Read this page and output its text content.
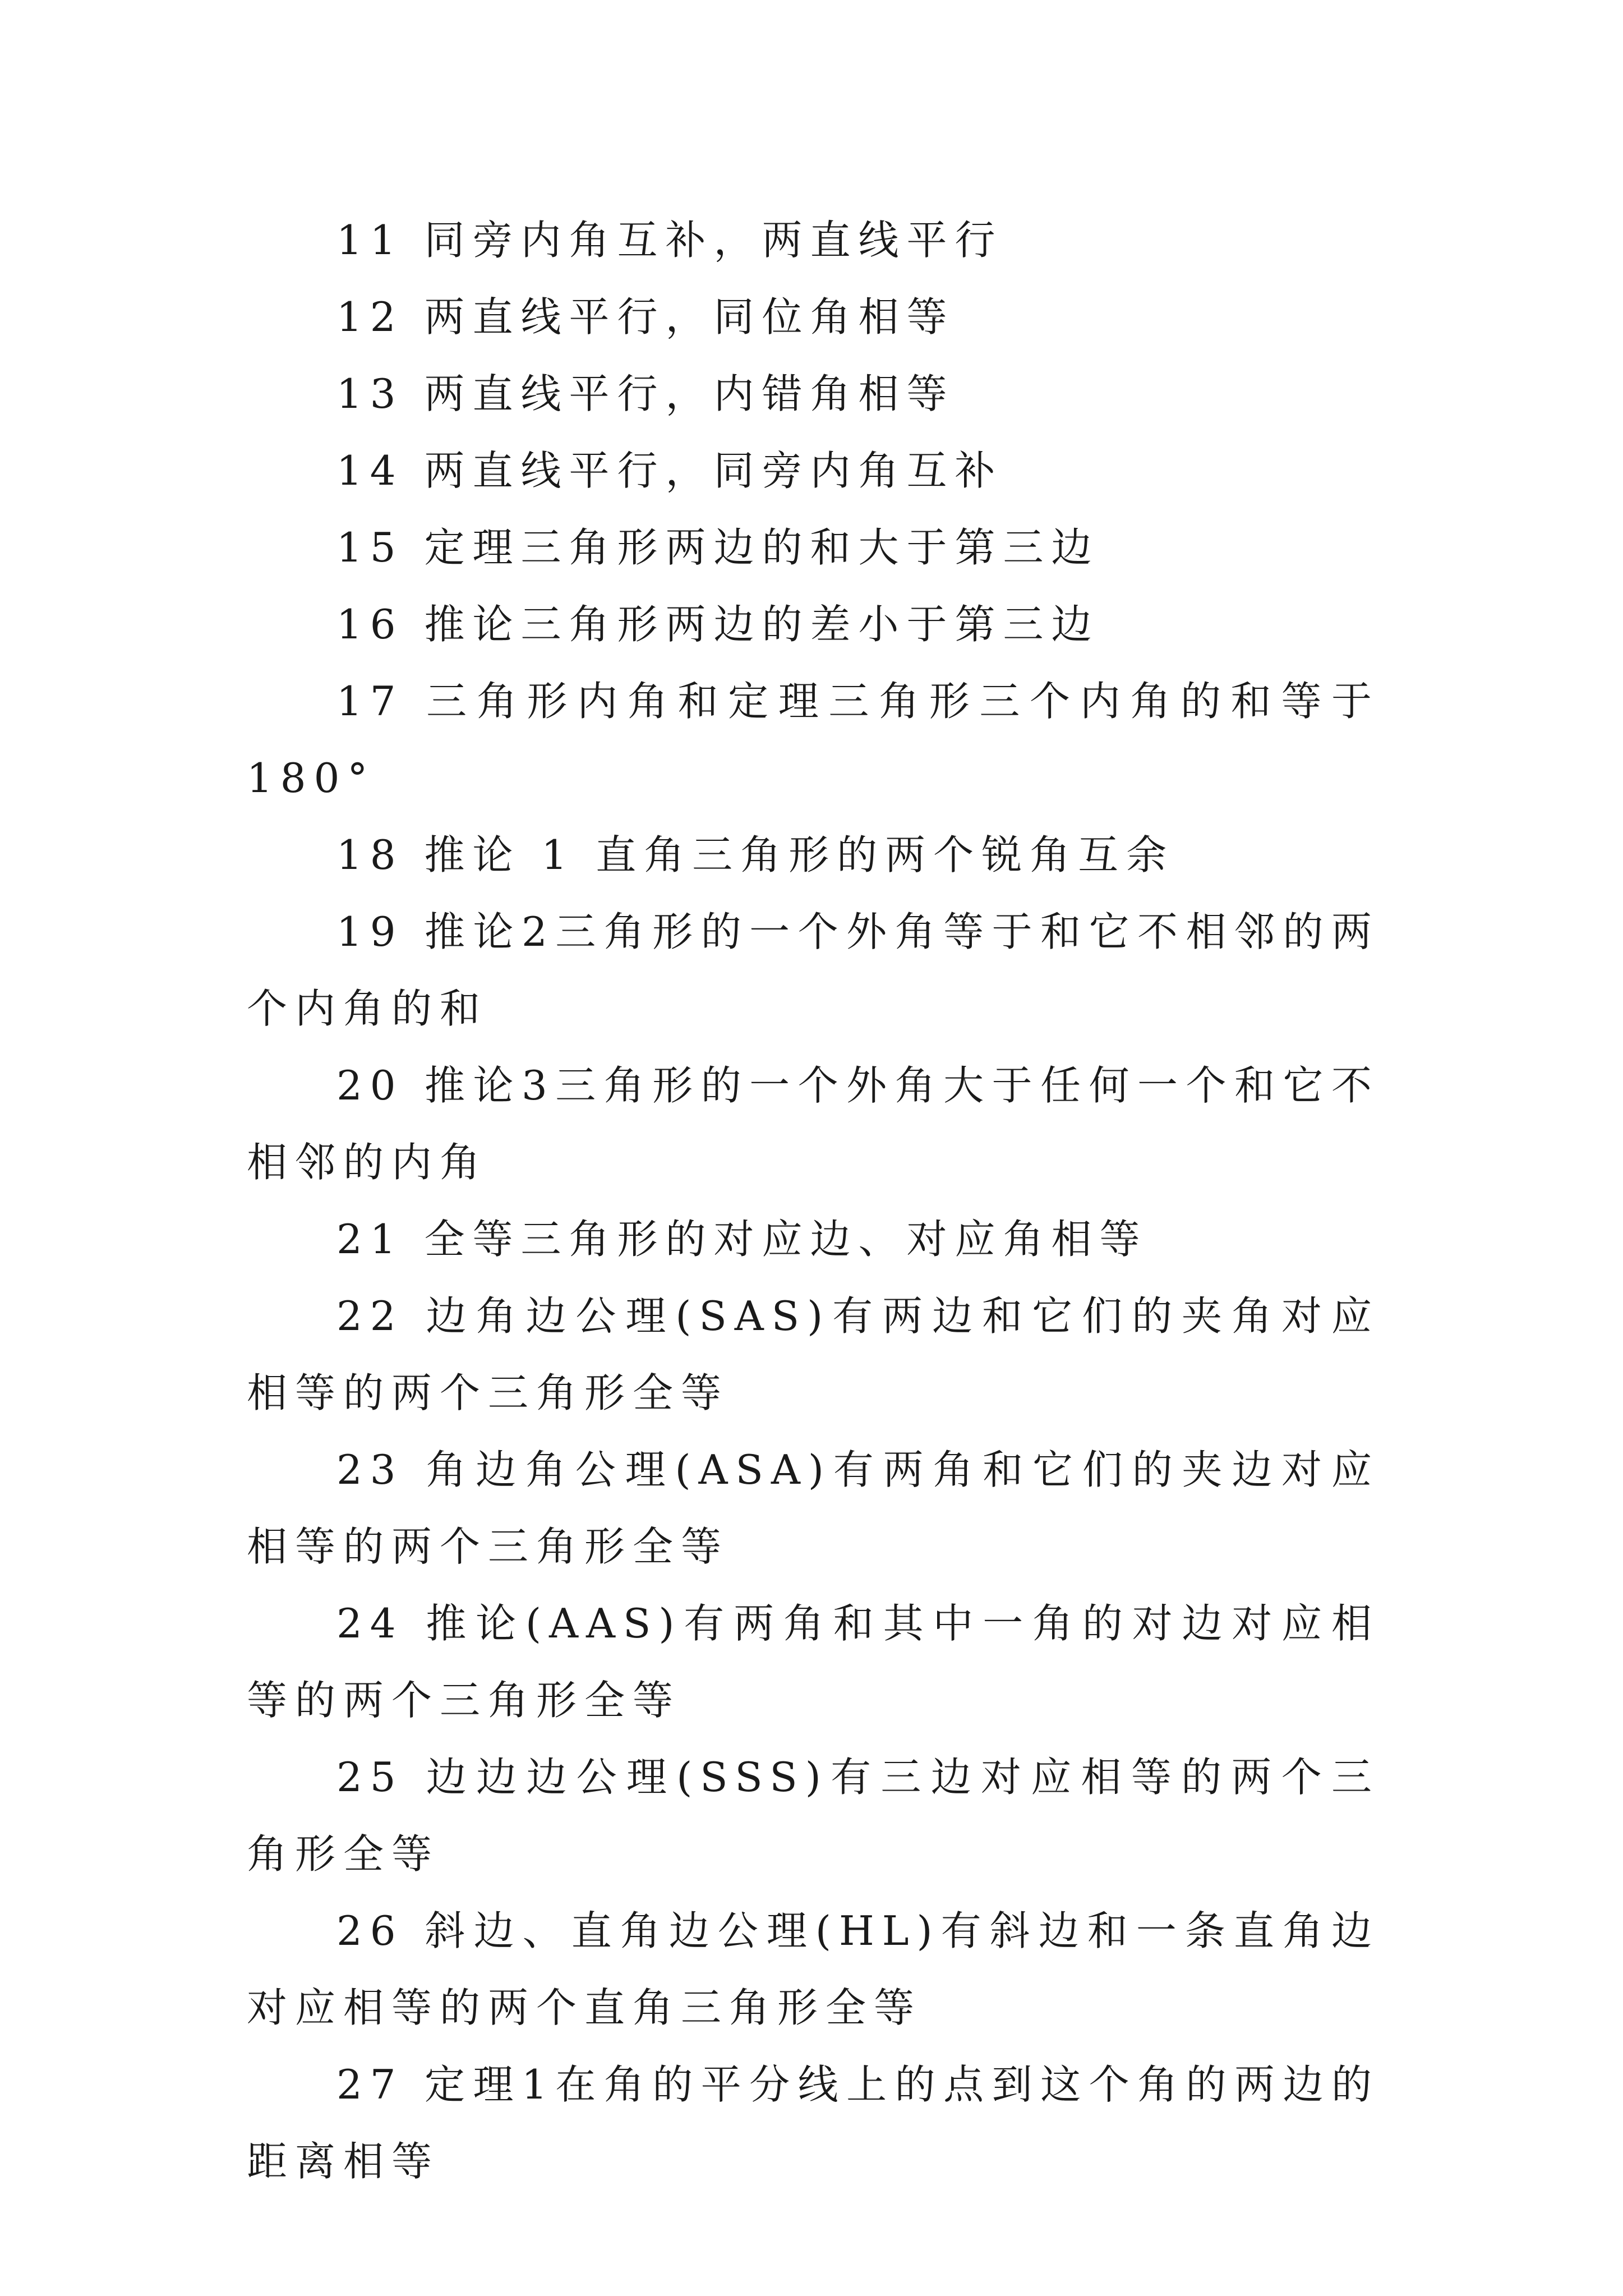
11 同旁内角互补，两直线平行

12 两直线平行，同位角相等

13 两直线平行，内错角相等

14 两直线平行，同旁内角互补

15 定理三角形两边的和大于第三边

16 推论三角形两边的差小于第三边

17 三角形内角和定理三角形三个内角的和等于 180°

18 推论 1 直角三角形的两个锐角互余

19 推论2三角形的一个外角等于和它不相邻的两个内角的和

20 推论3三角形的一个外角大于任何一个和它不相邻的内角

21 全等三角形的对应边、对应角相等

22 边角边公理(SAS)有两边和它们的夹角对应相等的两个三角形全等

23 角边角公理(ASA)有两角和它们的夹边对应相等的两个三角形全等

24 推论(AAS)有两角和其中一角的对边对应相等的两个三角形全等

25 边边边公理(SSS)有三边对应相等的两个三角形全等

26 斜边、直角边公理(HL)有斜边和一条直角边对应相等的两个直角三角形全等

27 定理1在角的平分线上的点到这个角的两边的距离相等
